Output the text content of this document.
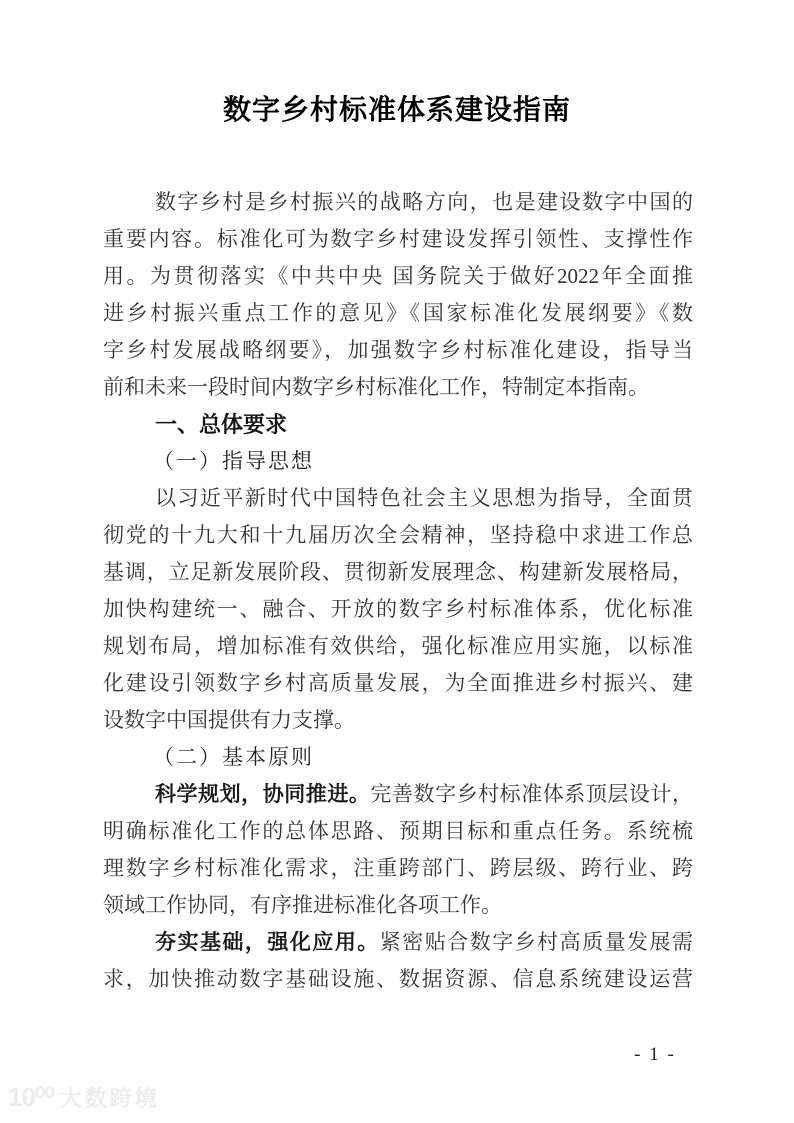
数字乡村标准体系建设指南
数字乡村是乡村振兴的战略方向，也是建设数字中国的
重要内容。标准化可为数字乡村建设发挥引领性、支撑性作
用。为贯彻落实《中共中央 国务院关于做好2022年全面推
进乡村振兴重点工作的意见》《国家标准化发展纲要》《数
字乡村发展战略纲要》，加强数字乡村标准化建设，指导当
前和未来一段时间内数字乡村标准化工作，特制定本指南。
一、总体要求
（一）指导思想
以习近平新时代中国特色社会主义思想为指导，全面贯
彻党的十九大和十九届历次全会精神，坚持稳中求进工作总
基调，立足新发展阶段、贯彻新发展理念、构建新发展格局，
加快构建统一、融合、开放的数字乡村标准体系，优化标准
规划布局，增加标准有效供给，强化标准应用实施，以标准
化建设引领数字乡村高质量发展，为全面推进乡村振兴、建
设数字中国提供有力支撑。
（二）基本原则
科学规划，协同推进。完善数字乡村标准体系顶层设计，
明确标准化工作的总体思路、预期目标和重点任务。系统梳
理数字乡村标准化需求，注重跨部门、跨层级、跨行业、跨
领域工作协同，有序推进标准化各项工作。
夯实基础，强化应用。紧密贴合数字乡村高质量发展需
求，加快推动数字基础设施、数据资源、信息系统建设运营
- 1 -
10⁰⁰ 大数跨境
